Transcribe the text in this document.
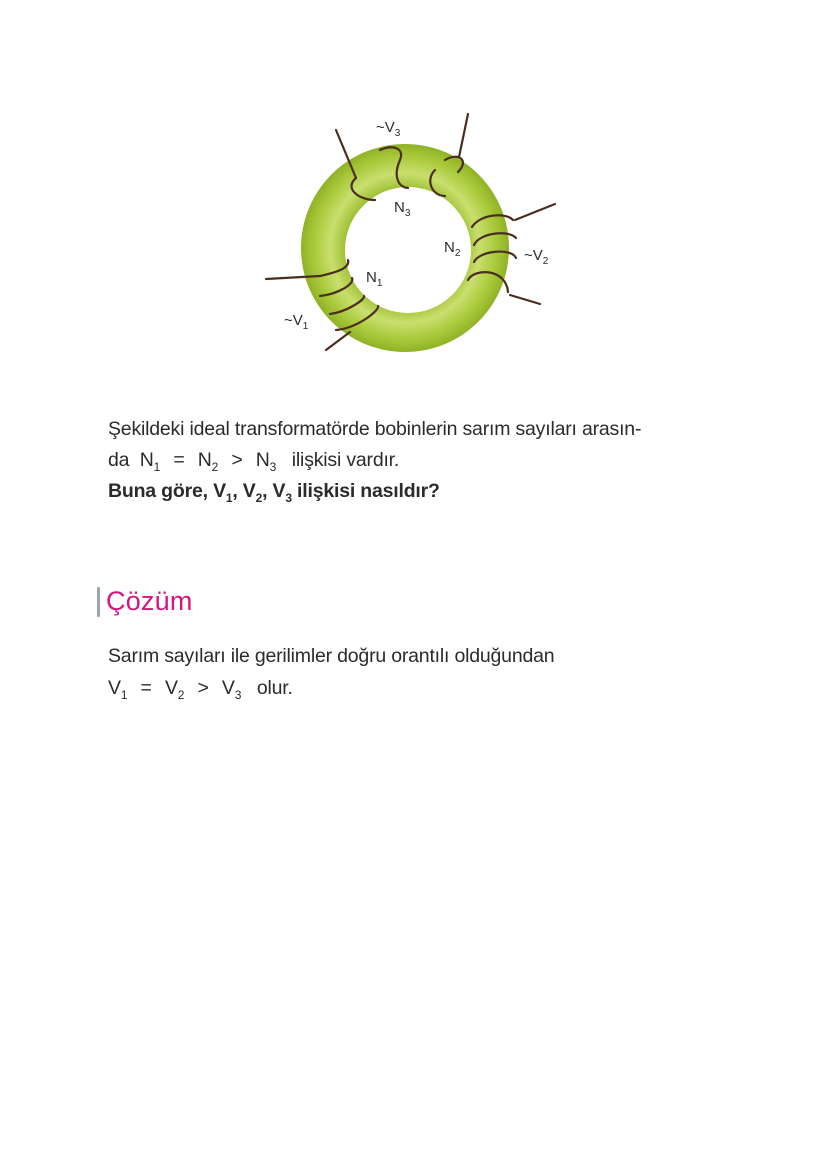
$\sim V_3$
$N_3$
$N_2$	$\sim V_2$
$N_1$
$\sim V_1$

Şekildeki ideal transformatörde bobinlerin sarım sayıları arasın-

da $N_1 = N_2 > N_3$ ilişkisi vardır.

Buna göre, $V_1$, $V_2$, $V_3$ ilişkisi nasıldır?

Çözüm

Sarım sayıları ile gerilimler doğru orantılı olduğundan

$V_1 = V_2 > V_3$ olur.
